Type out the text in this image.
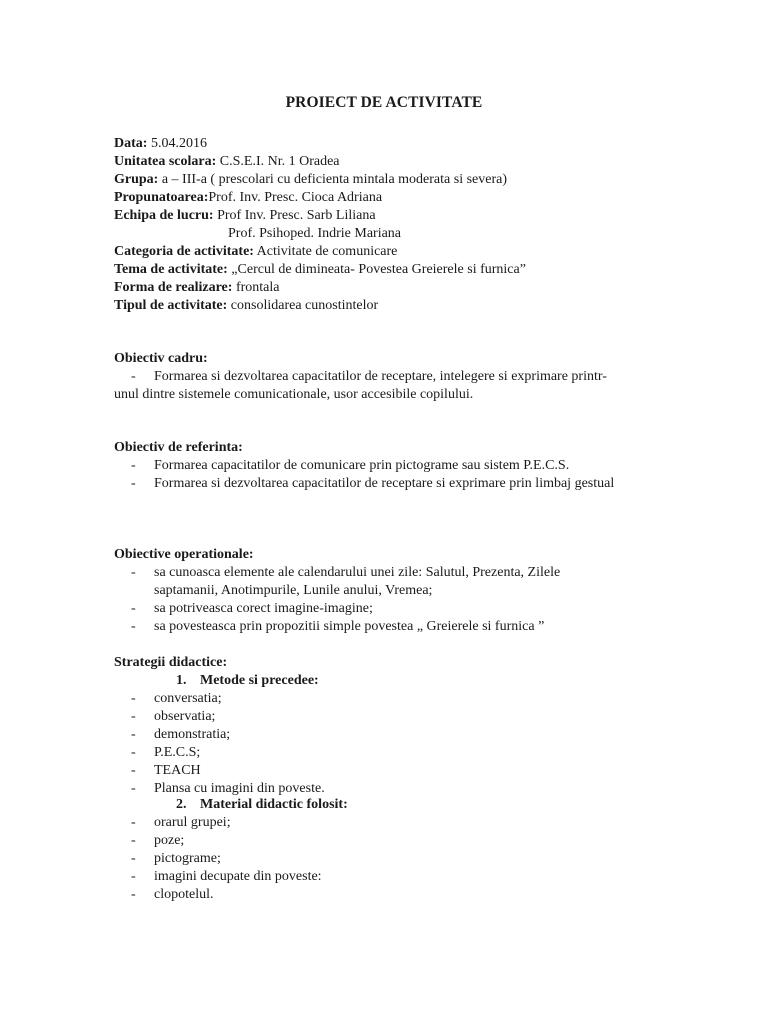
PROIECT DE ACTIVITATE
Data: 5.04.2016
Unitatea scolara: C.S.E.I. Nr. 1 Oradea
Grupa: a – III-a ( prescolari cu deficienta mintala moderata si severa)
Propunatoarea:Prof. Inv. Presc. Cioca Adriana
Echipa de lucru: Prof Inv. Presc. Sarb Liliana
Prof. Psihoped. Indrie Mariana
Categoria de activitate: Activitate de comunicare
Tema de activitate: „Cercul de dimineata- Povestea Greierele si furnica”
Forma de realizare: frontala
Tipul de activitate: consolidarea cunostintelor
Obiectiv cadru:
- Formarea si dezvoltarea capacitatilor de receptare, intelegere si exprimare printr-
unul dintre sistemele comunicationale, usor accesibile copilului.
Obiectiv de referinta:
- Formarea capacitatilor de comunicare prin pictograme sau sistem P.E.C.S.
- Formarea si dezvoltarea capacitatilor de receptare si exprimare prin limbaj gestual
Obiective operationale:
- sa cunoasca elemente ale calendarului unei zile: Salutul, Prezenta, Zilele
saptamanii, Anotimpurile, Lunile anului, Vremea;
- sa potriveasca corect imagine-imagine;
- sa povesteasca prin propozitii simple povestea „ Greierele si furnica ”
Strategii didactice:
1. Metode si precedee:
- conversatia;
- observatia;
- demonstratia;
- P.E.C.S;
- TEACH
- Plansa cu imagini din poveste.
2. Material didactic folosit:
- orarul grupei;
- poze;
- pictograme;
- imagini decupate din poveste:
- clopotelul.
